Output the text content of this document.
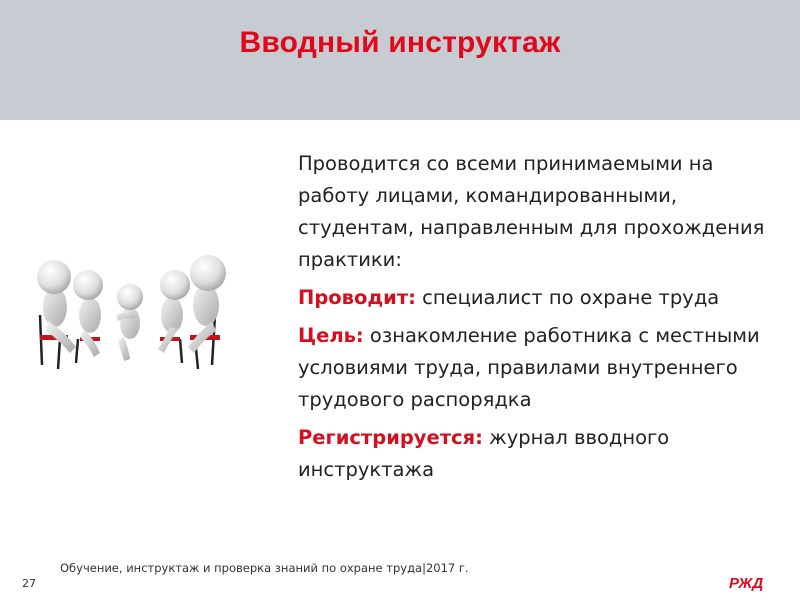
Вводный инструктаж

Проводится со всеми принимаемыми на работу лицами, командированными, студентам, направленным для прохождения практики:

Проводит: специалист по охране труда

Цель: ознакомление работника с местными условиями труда, правилами внутреннего трудового распорядка

Регистрируется: журнал вводного инструктажа

Обучение, инструктаж и проверка знаний по охране труда|2017 г.
27	РЖД
